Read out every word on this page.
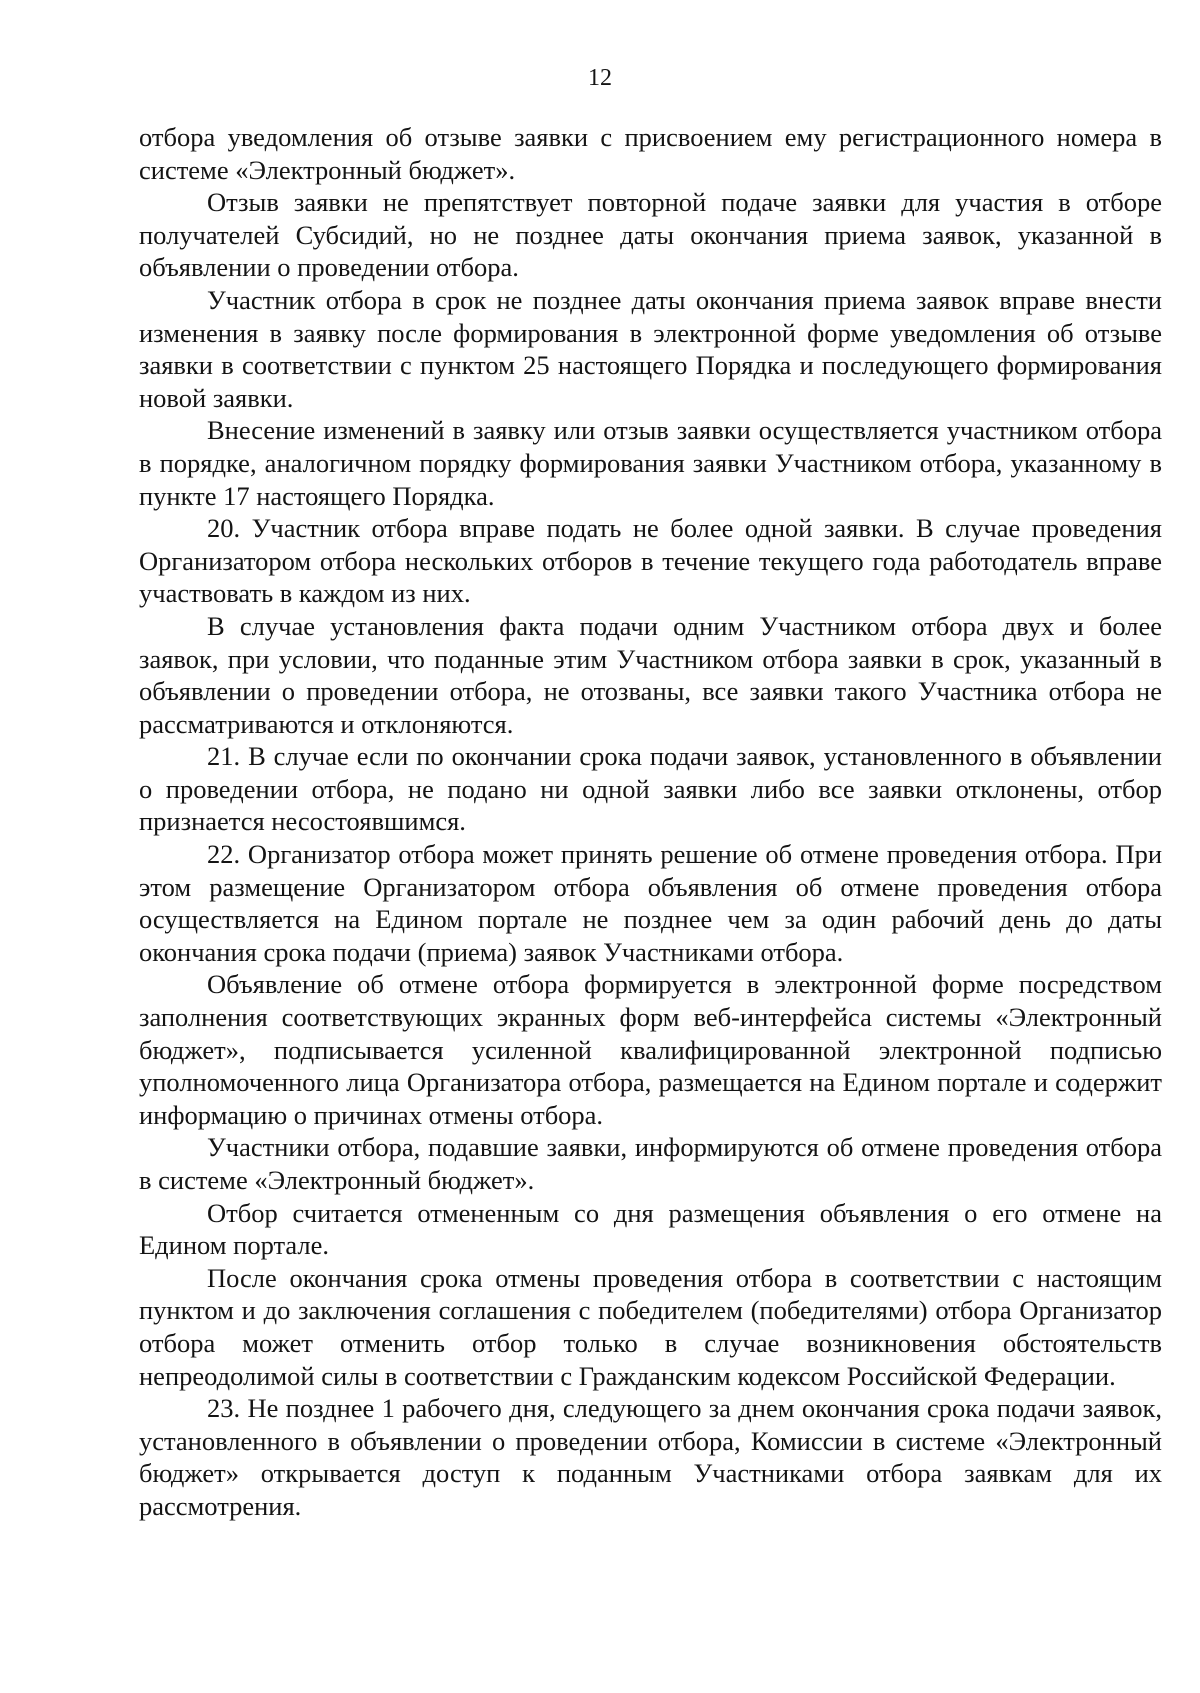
12

отбора уведомления об отзыве заявки с присвоением ему регистрационного номера в системе «Электронный бюджет».

Отзыв заявки не препятствует повторной подаче заявки для участия в отборе получателей Субсидий, но не позднее даты окончания приема заявок, указанной в объявлении о проведении отбора.

Участник отбора в срок не позднее даты окончания приема заявок вправе внести изменения в заявку после формирования в электронной форме уведомления об отзыве заявки в соответствии с пунктом 25 настоящего Порядка и последующего формирования новой заявки.

Внесение изменений в заявку или отзыв заявки осуществляется участником отбора в порядке, аналогичном порядку формирования заявки Участником отбора, указанному в пункте 17 настоящего Порядка.

20. Участник отбора вправе подать не более одной заявки. В случае проведения Организатором отбора нескольких отборов в течение текущего года работодатель вправе участвовать в каждом из них.

В случае установления факта подачи одним Участником отбора двух и более заявок, при условии, что поданные этим Участником отбора заявки в срок, указанный в объявлении о проведении отбора, не отозваны, все заявки такого Участника отбора не рассматриваются и отклоняются.

21. В случае если по окончании срока подачи заявок, установленного в объявлении о проведении отбора, не подано ни одной заявки либо все заявки отклонены, отбор признается несостоявшимся.

22. Организатор отбора может принять решение об отмене проведения отбора. При этом размещение Организатором отбора объявления об отмене проведения отбора осуществляется на Едином портале не позднее чем за один рабочий день до даты окончания срока подачи (приема) заявок Участниками отбора.

Объявление об отмене отбора формируется в электронной форме посредством заполнения соответствующих экранных форм веб-интерфейса системы «Электронный бюджет», подписывается усиленной квалифицированной электронной подписью уполномоченного лица Организатора отбора, размещается на Едином портале и содержит информацию о причинах отмены отбора.

Участники отбора, подавшие заявки, информируются об отмене проведения отбора в системе «Электронный бюджет».

Отбор считается отмененным со дня размещения объявления о его отмене на Едином портале.

После окончания срока отмены проведения отбора в соответствии с настоящим пунктом и до заключения соглашения с победителем (победителями) отбора Организатор отбора может отменить отбор только в случае возникновения обстоятельств непреодолимой силы в соответствии с Гражданским кодексом Российской Федерации.

23. Не позднее 1 рабочего дня, следующего за днем окончания срока подачи заявок, установленного в объявлении о проведении отбора, Комиссии в системе «Электронный бюджет» открывается доступ к поданным Участниками отбора заявкам для их рассмотрения.
